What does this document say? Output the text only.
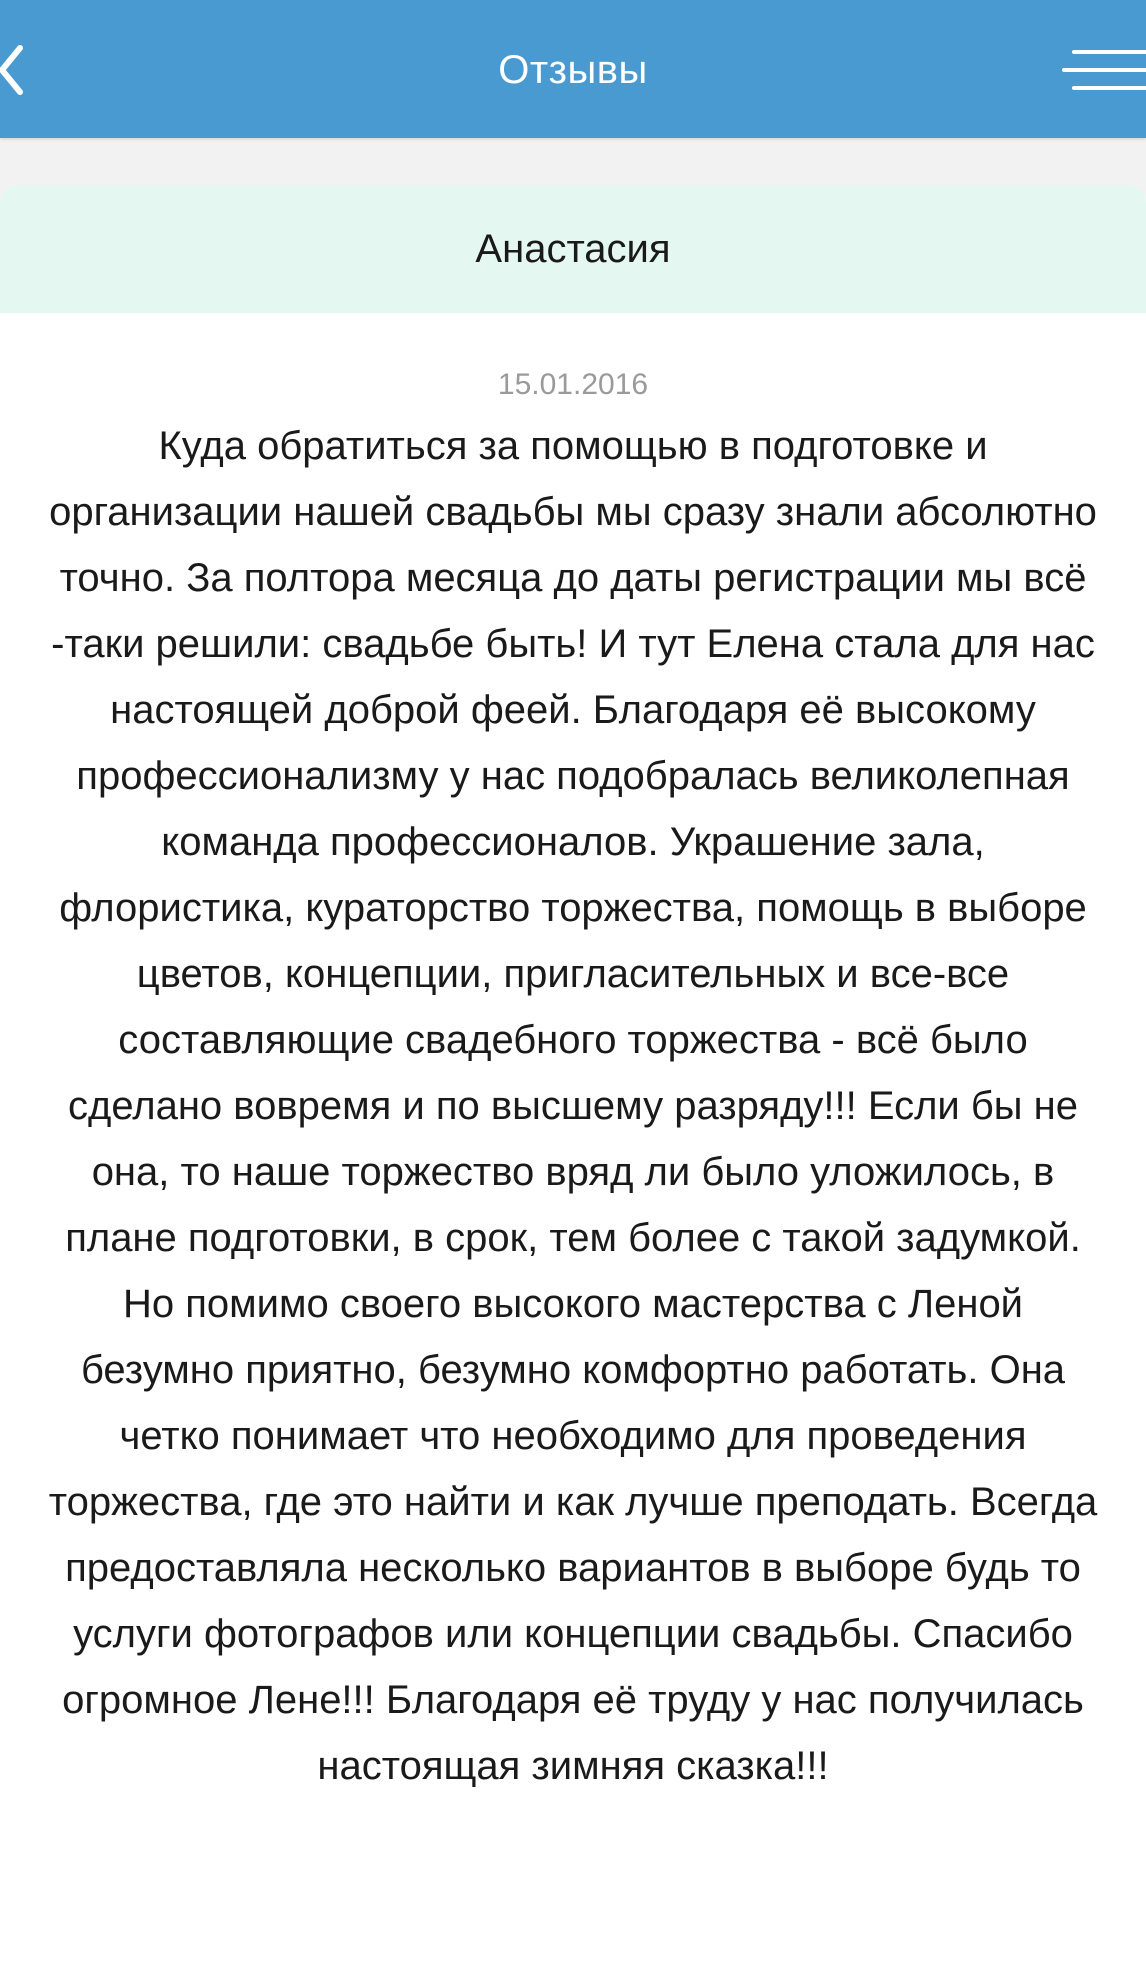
Отзывы
Анастасия
15.01.2016
Куда обратиться за помощью в подготовке и организации нашей свадьбы мы сразу знали абсолютно точно. За полтора месяца до даты регистрации мы всё -таки решили: свадьбе быть! И тут Елена стала для нас настоящей доброй феей. Благодаря её высокому профессионализму у нас подобралась великолепная команда профессионалов. Украшение зала, флористика, кураторство торжества, помощь в выборе цветов, концепции, пригласительных и все-все составляющие свадебного торжества - всё было сделано вовремя и по высшему разряду!!! Если бы не она, то наше торжество вряд ли было уложилось, в плане подготовки, в срок, тем более с такой задумкой. Но помимо своего высокого мастерства с Леной безумно приятно, безумно комфортно работать. Она четко понимает что необходимо для проведения торжества, где это найти и как лучше преподать. Всегда предоставляла несколько вариантов в выборе будь то услуги фотографов или концепции свадьбы. Спасибо огромное Лене!!! Благодаря её труду у нас получилась настоящая зимняя сказка!!!
